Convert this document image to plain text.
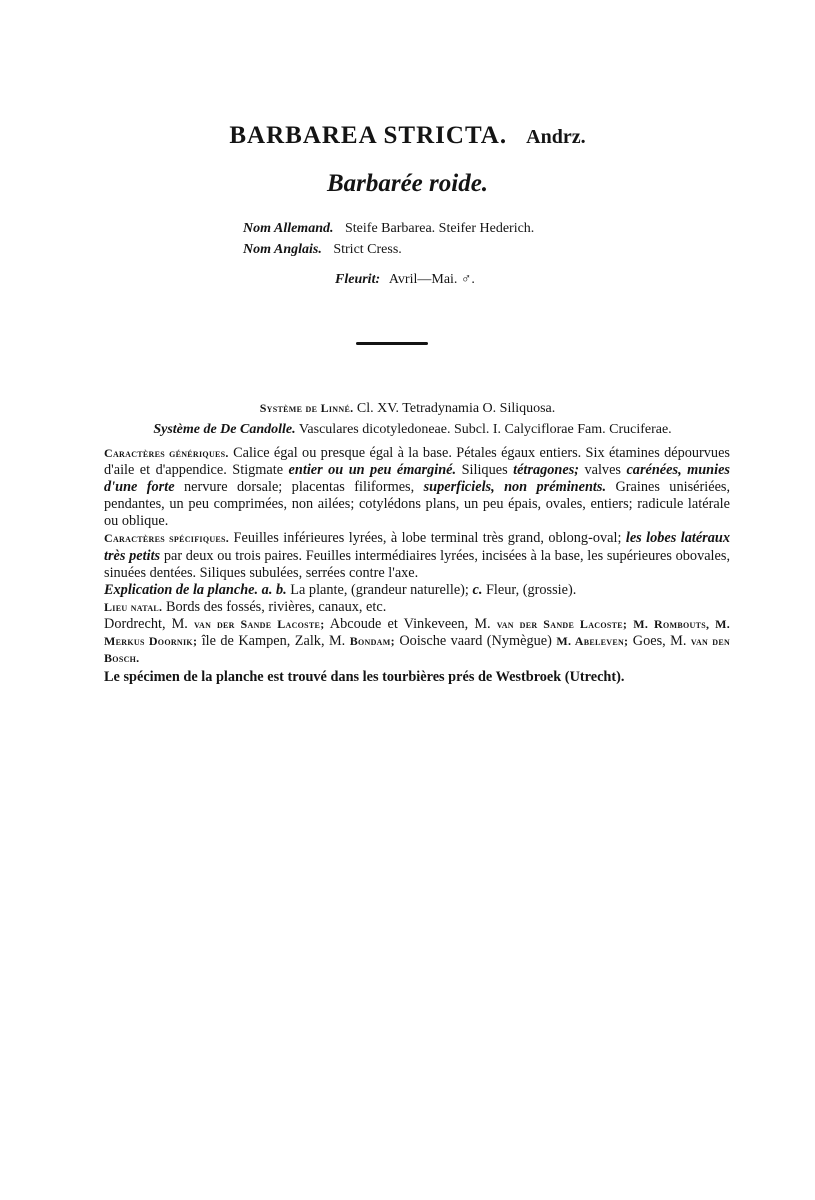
BARBAREA STRICTA. Andrz.
Barbarée roide.
Nom Allemand. Steife Barbarea. Steifer Hederich.
Nom Anglais. Strict Cress.
Fleurit: Avril—Mai. ♂.
Système de Linné. Cl. XV. Tetradynamia O. Siliquosa.
Système de De Candolle. Vasculares dicotyledoneae. Subcl. I. Calyciflorae Fam. Cruciferae.

Caractères génériques. Calice égal ou presque égal à la base. Pétales égaux entiers. Six étamines dépourvues d'aile et d'appendice. Stigmate entier ou un peu émarginé. Siliques tétragones; valves carénées, munies d'une forte nervure dorsale; placentas filiformes, superficiels, non préminents. Graines unisériées, pendantes, un peu comprimées, non ailées; cotylédons plans, un peu épais, ovales, entiers; radicule latérale ou oblique.

Caractères spécifiques. Feuilles inférieures lyrées, à lobe terminal très grand, oblong-oval; les lobes latéraux très petits par deux ou trois paires. Feuilles intermédiaires lyrées, incisées à la base, les supérieures obovales, sinuées dentées. Siliques subulées, serrées contre l'axe.

Explication de la planche. a. b. La plante, (grandeur naturelle); c. Fleur, (grossie).

Lieu natal. Bords des fossés, rivières, canaux, etc.

Dordrecht, M. van der Sande Lacoste; Abcoude et Vinkeveen, M. van der Sande Lacoste; M. Rombouts, M. Merkus Doornik; île de Kampen, Zalk, M. Bondam; Ooische vaard (Nymègue) M. Abeleven; Goes, M. van den Bosch.

Le spécimen de la planche est trouvé dans les tourbières prés de Westbroek (Utrecht).
